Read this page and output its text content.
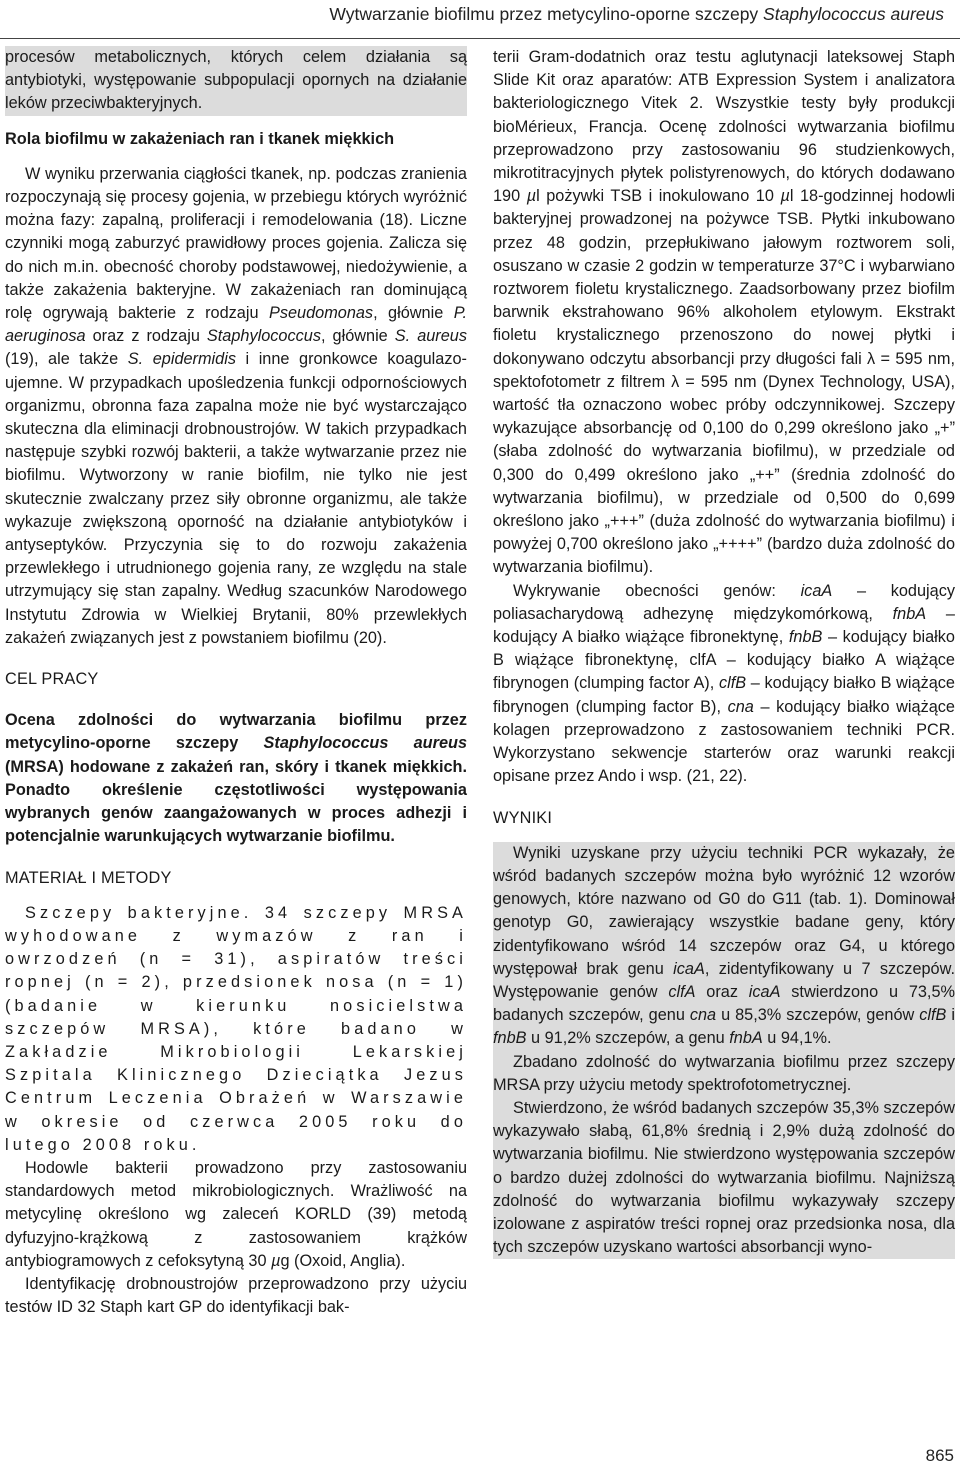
Wytwarzanie biofilmu przez metycylino-oporne szczepy Staphylococcus aureus

procesów metabolicznych, których celem działania są antybiotyki, występowanie subpopulacji opornych na działanie leków przeciwbakteryjnych.

Rola biofilmu w zakażeniach ran i tkanek miękkich

W wyniku przerwania ciągłości tkanek, np. podczas zranienia rozpoczynają się procesy gojenia, w przebiegu których wyróżnić można fazy: zapalną, proliferacji i remodelowania (18). Liczne czynniki mogą zaburzyć prawidłowy proces gojenia. Zalicza się do nich m.in. obecność choroby podstawowej, niedożywienie, a także zakażenia bakteryjne. W zakażeniach ran dominującą rolę ogrywają bakterie z rodzaju Pseudomonas, głównie P. aeruginosa oraz z rodzaju Staphylococcus, głównie S. aureus (19), ale także S. epidermidis i inne gronkowce koagulazo-ujemne. W przypadkach upośledzenia funkcji odpornościowych organizmu, obronna faza zapalna może nie być wystarczająco skuteczna dla eliminacji drobnoustrojów. W takich przypadkach następuje szybki rozwój bakterii, a także wytwarzanie przez nie biofilmu. Wytworzony w ranie biofilm, nie tylko nie jest skutecznie zwalczany przez siły obronne organizmu, ale także wykazuje zwiększoną oporność na działanie antybiotyków i antyseptyków. Przyczynia się to do rozwoju zakażenia przewlekłego i utrudnionego gojenia rany, ze względu na stale utrzymujący się stan zapalny. Według szacunków Narodowego Instytutu Zdrowia w Wielkiej Brytanii, 80% przewlekłych zakażeń związanych jest z powstaniem biofilmu (20).

CEL PRACY

Ocena zdolności do wytwarzania biofilmu przez metycylino-oporne szczepy Staphylococcus aureus (MRSA) hodowane z zakażeń ran, skóry i tkanek miękkich. Ponadto określenie częstotliwości występowania wybranych genów zaangażowanych w proces adhezji i potencjalnie warunkujących wytwarzanie biofilmu.

MATERIAŁ I METODY

Szczepy bakteryjne. 34 szczepy MRSA wyhodowane z wymazów z ran i owrzodzeń (n = 31), aspiratów treści ropnej (n = 2), przedsionek nosa (n = 1) (badanie w kierunku nosicielstwa szczepów MRSA), które badano w Zakładzie Mikrobiologii Lekarskiej Szpitala Klinicznego Dzieciątka Jezus Centrum Leczenia Obrażeń w Warszawie w okresie od czerwca 2005 roku do lutego 2008 roku.

Hodowle bakterii prowadzono przy zastosowaniu standardowych metod mikrobiologicznych. Wrażliwość na metycylinę określono wg zaleceń KORLD (39) metodą dyfuzyjno-krążkową z zastosowaniem krążków antybiogramowych z cefoksytyną 30 µg (Oxoid, Anglia).

Identyfikację drobnoustrojów przeprowadzono przy użyciu testów ID 32 Staph kart GP do identyfikacji bak-

terii Gram-dodatnich oraz testu aglutynacji lateksowej Staph Slide Kit oraz aparatów: ATB Expression System i analizatora bakteriologicznego Vitek 2. Wszystkie testy były produkcji bioMérieux, Francja. Ocenę zdolności wytwarzania biofilmu przeprowadzono przy zastosowaniu 96 studzienkowych, mikrotitracyjnych płytek polistyrenowych, do których dodawano 190 µl pożywki TSB i inokulowano 10 µl 18-godzinnej hodowli bakteryjnej prowadzonej na pożywce TSB. Płytki inkubowano przez 48 godzin, przepłukiwano jałowym roztworem soli, osuszano w czasie 2 godzin w temperaturze 37°C i wybarwiano roztworem fioletu krystalicznego. Zaadsorbowany przez biofilm barwnik ekstrahowano 96% alkoholem etylowym. Ekstrakt fioletu krystalicznego przenoszono do nowej płytki i dokonywano odczytu absorbancji przy długości fali λ = 595 nm, spektofotometr z filtrem λ = 595 nm (Dynex Technology, USA), wartość tła oznaczono wobec próby odczynnikowej. Szczepy wykazujące absorbancję od 0,100 do 0,299 określono jako „+” (słaba zdolność do wytwarzania biofilmu), w przedziale od 0,300 do 0,499 określono jako „++” (średnia zdolność do wytwarzania biofilmu), w przedziale od 0,500 do 0,699 określono jako „+++” (duża zdolność do wytwarzania biofilmu) i powyżej 0,700 określono jako „++++” (bardzo duża zdolność do wytwarzania biofilmu).

Wykrywanie obecności genów: icaA – kodujący poliasacharydową adhezynę międzykomórkową, fnbA – kodujący A białko wiążące fibronektynę, fnbB – kodujący białko B wiążące fibronektynę, clfA – kodujący białko A wiążące fibrynogen (clumping factor A), clfB – kodujący białko B wiążące fibrynogen (clumping factor B), cna – kodujący białko wiążące kolagen przeprowadzono z zastosowaniem techniki PCR. Wykorzystano sekwencje starterów oraz warunki reakcji opisane przez Ando i wsp. (21, 22).

WYNIKI

Wyniki uzyskane przy użyciu techniki PCR wykazały, że wśród badanych szczepów można było wyróżnić 12 wzorów genowych, które nazwano od G0 do G11 (tab. 1). Dominował genotyp G0, zawierający wszystkie badane geny, który zidentyfikowano wśród 14 szczepów oraz G4, u którego występował brak genu icaA, zidentyfikowany u 7 szczepów. Występowanie genów clfA oraz icaA stwierdzono u 73,5% badanych szczepów, genu cna u 85,3% szczepów, genów clfB i fnbB u 91,2% szczepów, a genu fnbA u 94,1%.

Zbadano zdolność do wytwarzania biofilmu przez szczepy MRSA przy użyciu metody spektrofotometrycznej.

Stwierdzono, że wśród badanych szczepów 35,3% szczepów wykazywało słabą, 61,8% średnią i 2,9% dużą zdolność do wytwarzania biofilmu. Nie stwierdzono występowania szczepów o bardzo dużej zdolności do wytwarzania biofilmu. Najniższą zdolność do wytwarzania biofilmu wykazywały szczepy izolowane z aspiratów treści ropnej oraz przedsionka nosa, dla tych szczepów uzyskano wartości absorbancji wyno-

865
